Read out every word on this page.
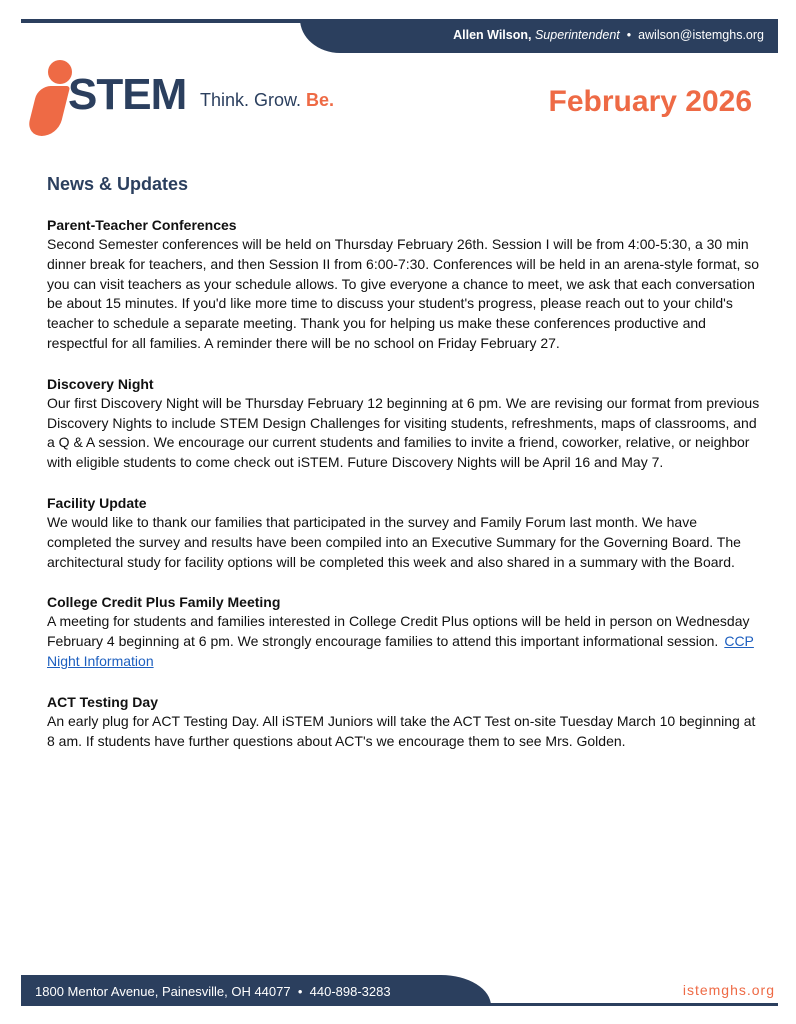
Allen Wilson, Superintendent • awilson@istemghs.org
STEM Think. Grow. Be.	February 2026
News & Updates
Parent-Teacher Conferences

Second Semester conferences will be held on Thursday February 26th. Session I will be from 4:00-5:30, a 30 min dinner break for teachers, and then Session II from 6:00-7:30. Conferences will be held in an arena-style format, so you can visit teachers as your schedule allows. To give everyone a chance to meet, we ask that each conversation be about 15 minutes. If you'd like more time to discuss your student's progress, please reach out to your child's teacher to schedule a separate meeting. Thank you for helping us make these conferences productive and respectful for all families. A reminder there will be no school on Friday February 27.

Discovery Night

Our first Discovery Night will be Thursday February 12 beginning at 6 pm. We are revising our format from previous Discovery Nights to include STEM Design Challenges for visiting students, refreshments, maps of classrooms, and a Q & A session. We encourage our current students and families to invite a friend, coworker, relative, or neighbor with eligible students to come check out iSTEM. Future Discovery Nights will be April 16 and May 7.

Facility Update

We would like to thank our families that participated in the survey and Family Forum last month. We have completed the survey and results have been compiled into an Executive Summary for the Governing Board. The architectural study for facility options will be completed this week and also shared in a summary with the Board.

College Credit Plus Family Meeting

A meeting for students and families interested in College Credit Plus options will be held in person on Wednesday February 4 beginning at 6 pm. We strongly encourage families to attend this important informational session. CCP Night Information

ACT Testing Day

An early plug for ACT Testing Day. All iSTEM Juniors will take the ACT Test on-site Tuesday March 10 beginning at 8 am. If students have further questions about ACT's we encourage them to see Mrs. Golden.

1800 Mentor Avenue, Painesville, OH 44077 • 440-898-3283	istemghs.org
